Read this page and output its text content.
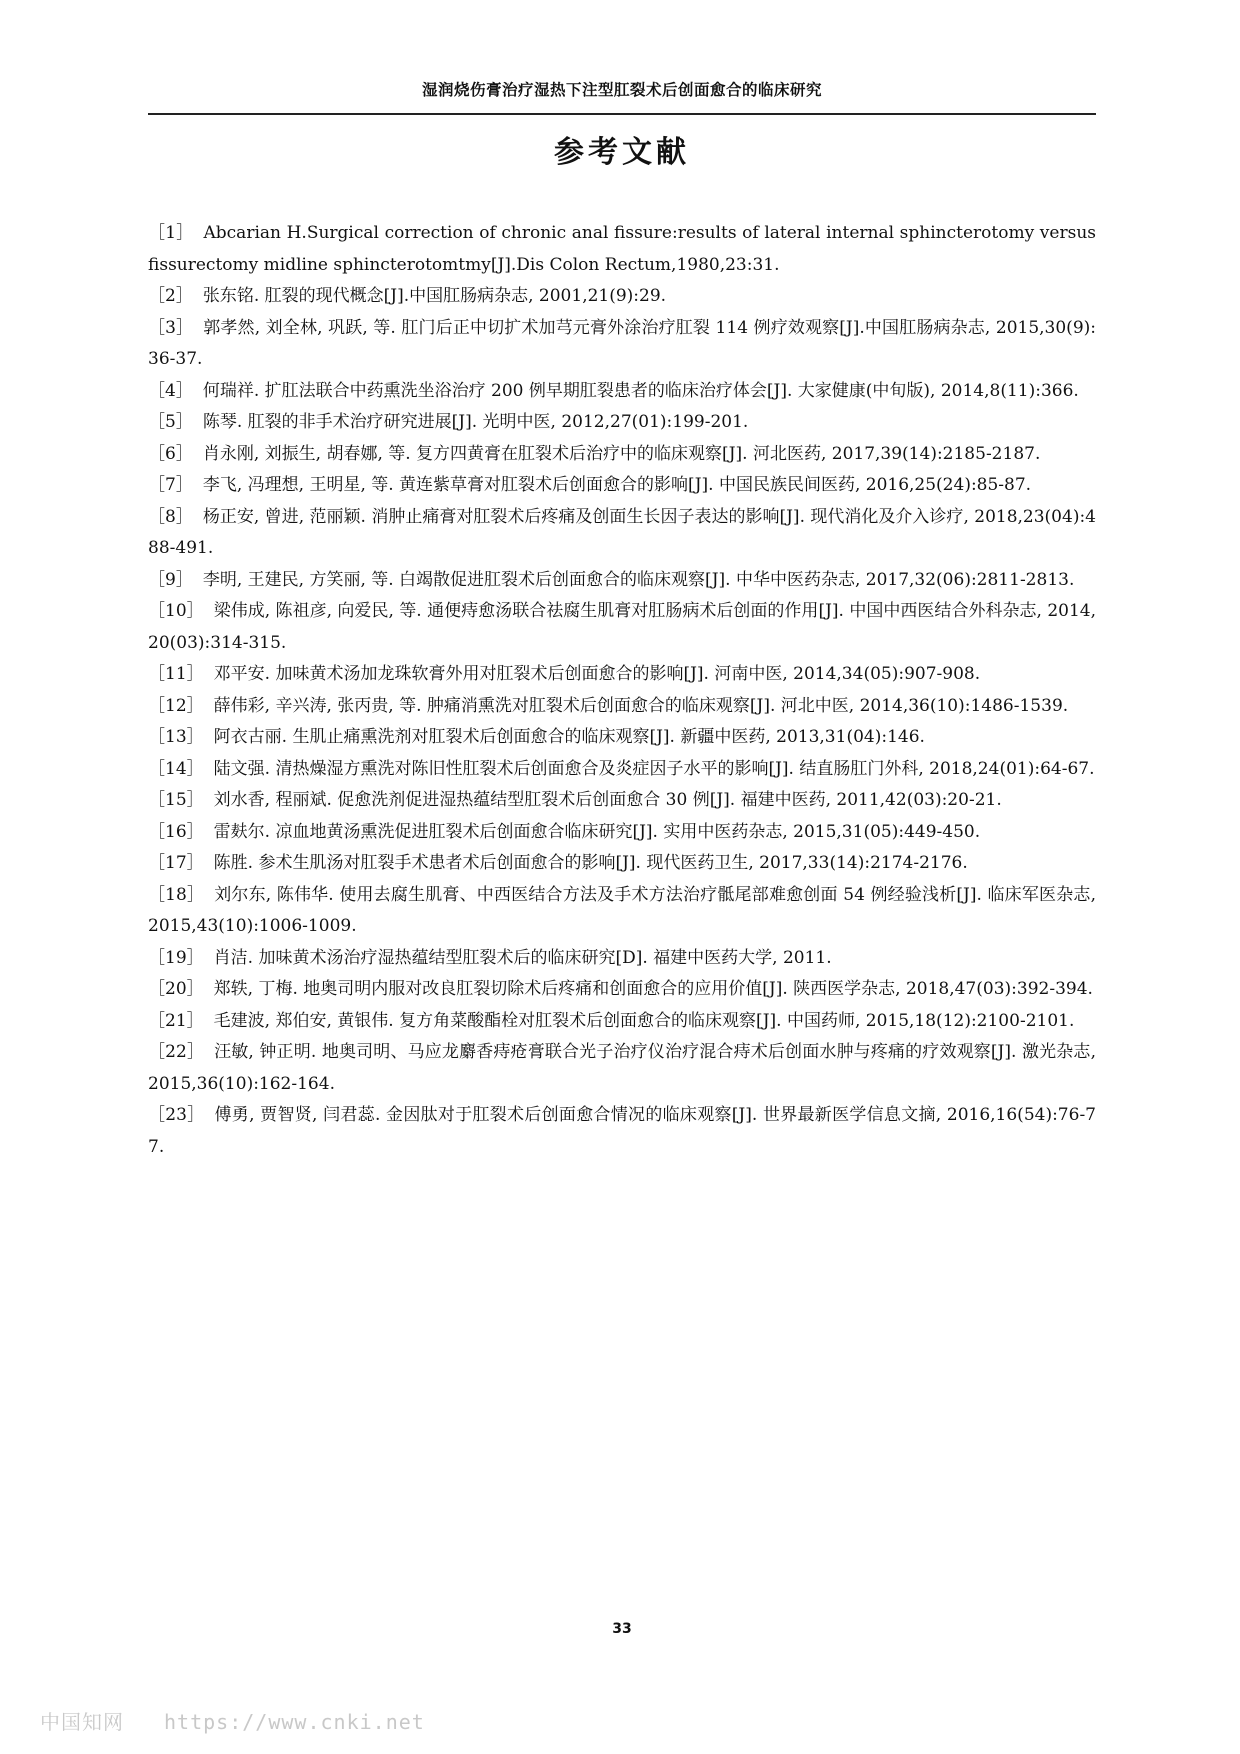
湿润烧伤膏治疗湿热下注型肛裂术后创面愈合的临床研究
参考文献
［1］ Abcarian H.Surgical correction of chronic anal fissure:results of lateral internal sphincterotomy versus fissurectomy midline sphincterotomtmy[J].Dis Colon Rectum,1980,23:31.
［2］ 张东铭. 肛裂的现代概念[J].中国肛肠病杂志, 2001,21(9):29.
［3］ 郭孝然, 刘全林, 巩跃, 等. 肛门后正中切扩术加芎元膏外涂治疗肛裂 114 例疗效观察[J].中国肛肠病杂志, 2015,30(9):36-37.
［4］ 何瑞祥. 扩肛法联合中药熏洗坐浴治疗 200 例早期肛裂患者的临床治疗体会[J]. 大家健康(中旬版), 2014,8(11):366.
［5］ 陈琴. 肛裂的非手术治疗研究进展[J]. 光明中医, 2012,27(01):199-201.
［6］ 肖永刚, 刘振生, 胡春娜, 等. 复方四黄膏在肛裂术后治疗中的临床观察[J]. 河北医药, 2017,39(14):2185-2187.
［7］ 李飞, 冯理想, 王明星, 等. 黄连紫草膏对肛裂术后创面愈合的影响[J]. 中国民族民间医药, 2016,25(24):85-87.
［8］ 杨正安, 曾进, 范丽颖. 消肿止痛膏对肛裂术后疼痛及创面生长因子表达的影响[J]. 现代消化及介入诊疗, 2018,23(04):488-491.
［9］ 李明, 王建民, 方笑丽, 等. 白竭散促进肛裂术后创面愈合的临床观察[J]. 中华中医药杂志, 2017,32(06):2811-2813.
［10］ 梁伟成, 陈祖彦, 向爱民, 等. 通便痔愈汤联合祛腐生肌膏对肛肠病术后创面的作用[J]. 中国中西医结合外科杂志, 2014,20(03):314-315.
［11］ 邓平安. 加味黄术汤加龙珠软膏外用对肛裂术后创面愈合的影响[J]. 河南中医, 2014,34(05):907-908.
［12］ 薛伟彩, 辛兴涛, 张丙贵, 等. 肿痛消熏洗对肛裂术后创面愈合的临床观察[J]. 河北中医, 2014,36(10):1486-1539.
［13］ 阿衣古丽. 生肌止痛熏洗剂对肛裂术后创面愈合的临床观察[J]. 新疆中医药, 2013,31(04):146.
［14］ 陆文强. 清热燥湿方熏洗对陈旧性肛裂术后创面愈合及炎症因子水平的影响[J]. 结直肠肛门外科, 2018,24(01):64-67.
［15］ 刘水香, 程丽斌. 促愈洗剂促进湿热蕴结型肛裂术后创面愈合 30 例[J]. 福建中医药, 2011,42(03):20-21.
［16］ 雷麸尔. 凉血地黄汤熏洗促进肛裂术后创面愈合临床研究[J]. 实用中医药杂志, 2015,31(05):449-450.
［17］ 陈胜. 参术生肌汤对肛裂手术患者术后创面愈合的影响[J]. 现代医药卫生, 2017,33(14):2174-2176.
［18］ 刘尔东, 陈伟华. 使用去腐生肌膏、中西医结合方法及手术方法治疗骶尾部难愈创面 54 例经验浅析[J]. 临床军医杂志, 2015,43(10):1006-1009.
［19］ 肖洁. 加味黄术汤治疗湿热蕴结型肛裂术后的临床研究[D]. 福建中医药大学, 2011.
［20］ 郑轶, 丁梅. 地奥司明内服对改良肛裂切除术后疼痛和创面愈合的应用价值[J]. 陕西医学杂志, 2018,47(03):392-394.
［21］ 毛建波, 郑伯安, 黄银伟. 复方角菜酸酯栓对肛裂术后创面愈合的临床观察[J]. 中国药师, 2015,18(12):2100-2101.
［22］ 汪敏, 钟正明. 地奥司明、马应龙麝香痔疮膏联合光子治疗仪治疗混合痔术后创面水肿与疼痛的疗效观察[J]. 激光杂志, 2015,36(10):162-164.
［23］ 傅勇, 贾智贤, 闫君蕊. 金因肽对于肛裂术后创面愈合情况的临床观察[J]. 世界最新医学信息文摘, 2016,16(54):76-77.
33
中国知网 https://www.cnki.net
